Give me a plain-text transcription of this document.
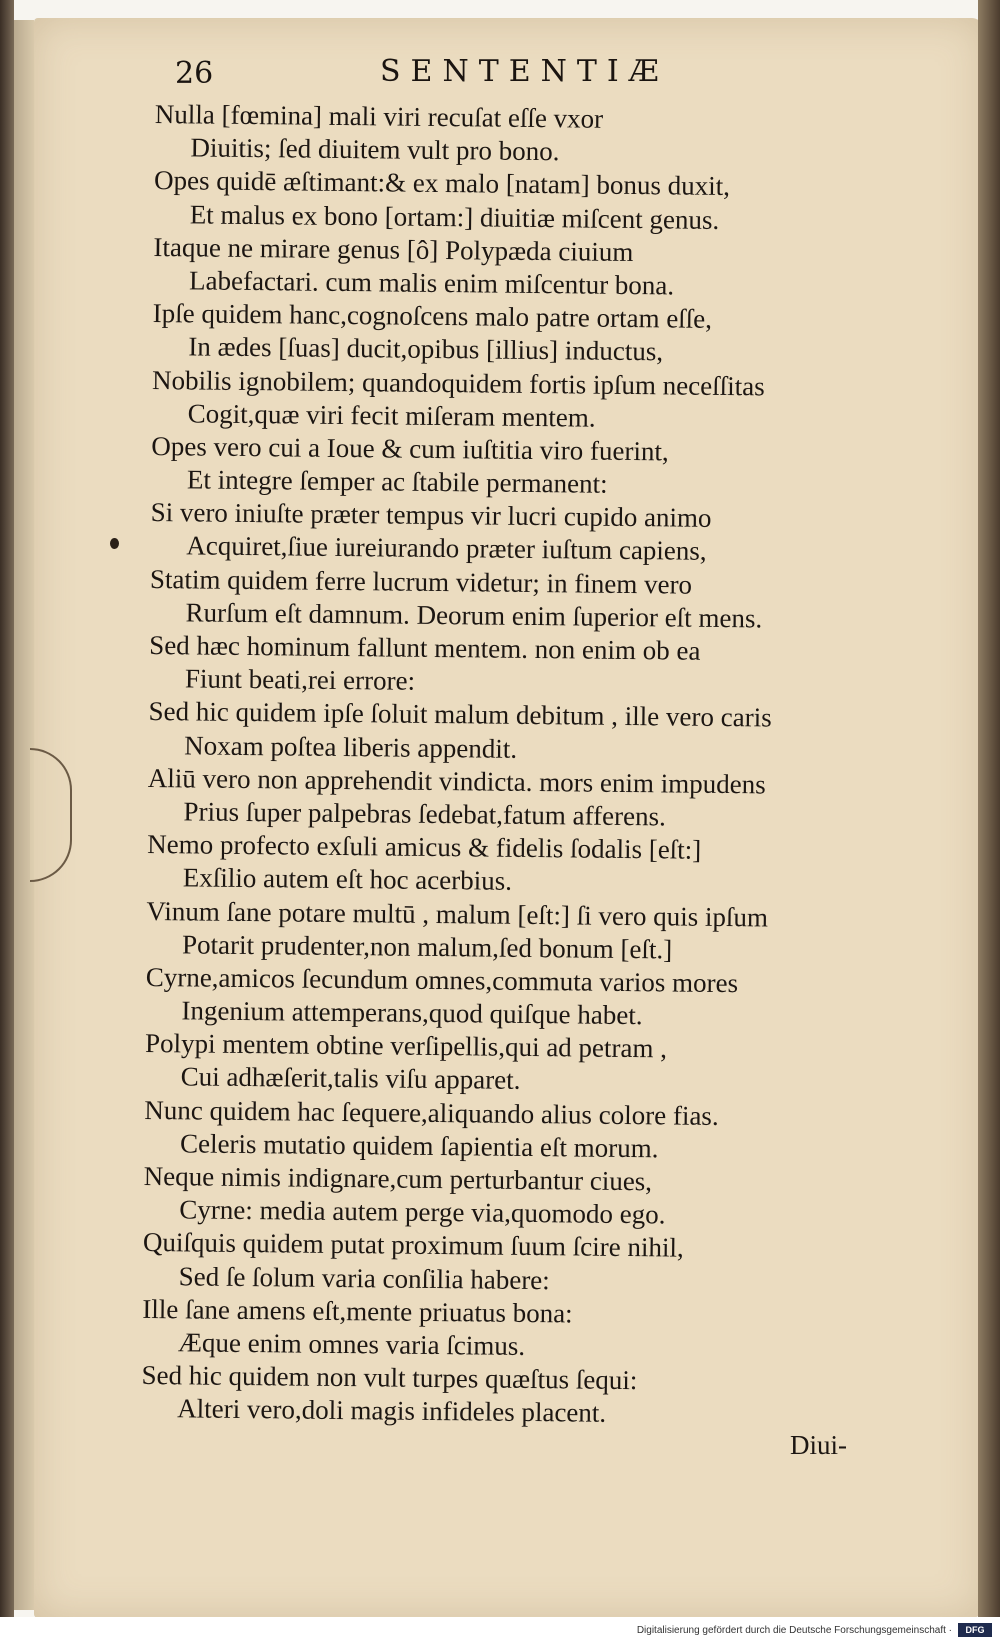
26	SENTENTIÆ
Nulla [fœmina] mali viri recuſat eſſe vxor
Diuitis; ſed diuitem vult pro bono.
Opes quidē æſtimant:& ex malo [natam] bonus duxit,
Et malus ex bono [ortam:] diuitiæ miſcent genus.
Itaque ne mirare genus [ô] Polypæda ciuium
Labefactari. cum malis enim miſcentur bona.
Ipſe quidem hanc,cognoſcens malo patre ortam eſſe,
In ædes [ſuas] ducit,opibus [illius] inductus,
Nobilis ignobilem; quandoquidem fortis ipſum neceſſitas
Cogit,quæ viri fecit miſeram mentem.
Opes vero cui a Ioue & cum iuſtitia viro fuerint,
Et integre ſemper ac ſtabile permanent:
Si vero iniuſte præter tempus vir lucri cupido animo
Acquiret,ſiue iureiurando præter iuſtum capiens,
Statim quidem ferre lucrum videtur; in finem vero
Rurſum eſt damnum. Deorum enim ſuperior eſt mens.
Sed hæc hominum fallunt mentem. non enim ob ea
Fiunt beati,rei errore:
Sed hic quidem ipſe ſoluit malum debitum , ille vero caris
Noxam poſtea liberis appendit.
Aliū vero non apprehendit vindicta. mors enim impudens
Prius ſuper palpebras ſedebat,fatum afferens.
Nemo profecto exſuli amicus & fidelis ſodalis [eſt:]
Exſilio autem eſt hoc acerbius.
Vinum ſane potare multū , malum [eſt:] ſi vero quis ipſum
Potarit prudenter,non malum,ſed bonum [eſt.]
Cyrne,amicos ſecundum omnes,commuta varios mores
Ingenium attemperans,quod quiſque habet.
Polypi mentem obtine verſipellis,qui ad petram ,
Cui adhæſerit,talis viſu apparet.
Nunc quidem hac ſequere,aliquando alius colore fias.
Celeris mutatio quidem ſapientia eſt morum.
Neque nimis indignare,cum perturbantur ciues,
Cyrne: media autem perge via,quomodo ego.
Quiſquis quidem putat proximum ſuum ſcire nihil,
Sed ſe ſolum varia conſilia habere:
Ille ſane amens eſt,mente priuatus bona:
Æque enim omnes varia ſcimus.
Sed hic quidem non vult turpes quæſtus ſequi:
Alteri vero,doli magis infideles placent.
Diui-
Digitalisierung gefördert durch die Deutsche Forschungsgemeinschaft ·	DFG
